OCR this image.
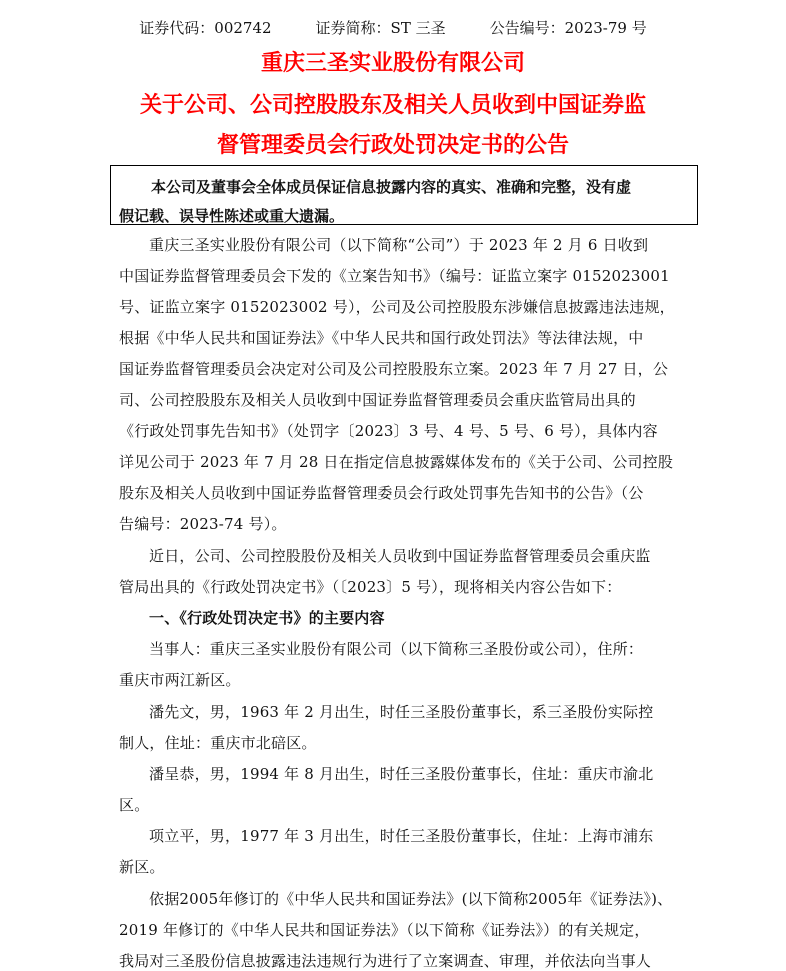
证券代码：002742	证券简称：ST 三圣	公告编号：2023-79 号
重庆三圣实业股份有限公司
关于公司、公司控股股东及相关人员收到中国证券监
督管理委员会行政处罚决定书的公告
本公司及董事会全体成员保证信息披露内容的真实、准确和完整，没有虚
假记载、误导性陈述或重大遗漏。
重庆三圣实业股份有限公司（以下简称“公司”）于 2023 年 2 月 6 日收到
中国证券监督管理委员会下发的《立案告知书》（编号：证监立案字 0152023001
号、证监立案字 0152023002 号），公司及公司控股股东涉嫌信息披露违法违规，
根据《中华人民共和国证券法》《中华人民共和国行政处罚法》等法律法规，中
国证券监督管理委员会决定对公司及公司控股股东立案。2023 年 7 月 27 日，公
司、公司控股股东及相关人员收到中国证券监督管理委员会重庆监管局出具的
《行政处罚事先告知书》（处罚字〔2023〕3 号、4 号、5 号、6 号），具体内容
详见公司于 2023 年 7 月 28 日在指定信息披露媒体发布的《关于公司、公司控股
股东及相关人员收到中国证券监督管理委员会行政处罚事先告知书的公告》（公
告编号：2023-74 号）。
近日，公司、公司控股股份及相关人员收到中国证券监督管理委员会重庆监
管局出具的《行政处罚决定书》（〔2023〕5 号），现将相关内容公告如下：
一、《行政处罚决定书》的主要内容
当事人：重庆三圣实业股份有限公司（以下简称三圣股份或公司），住所：
重庆市两江新区。
潘先文，男，1963 年 2 月出生，时任三圣股份董事长，系三圣股份实际控
制人，住址：重庆市北碚区。
潘呈恭，男，1994 年 8 月出生，时任三圣股份董事长，住址：重庆市渝北
区。
项立平，男，1977 年 3 月出生，时任三圣股份董事长，住址：上海市浦东
新区。
依据2005年修订的《中华人民共和国证券法》(以下简称2005年《证券法》)、
2019 年修订的《中华人民共和国证券法》（以下简称《证券法》）的有关规定，
我局对三圣股份信息披露违法违规行为进行了立案调查、审理，并依法向当事人
